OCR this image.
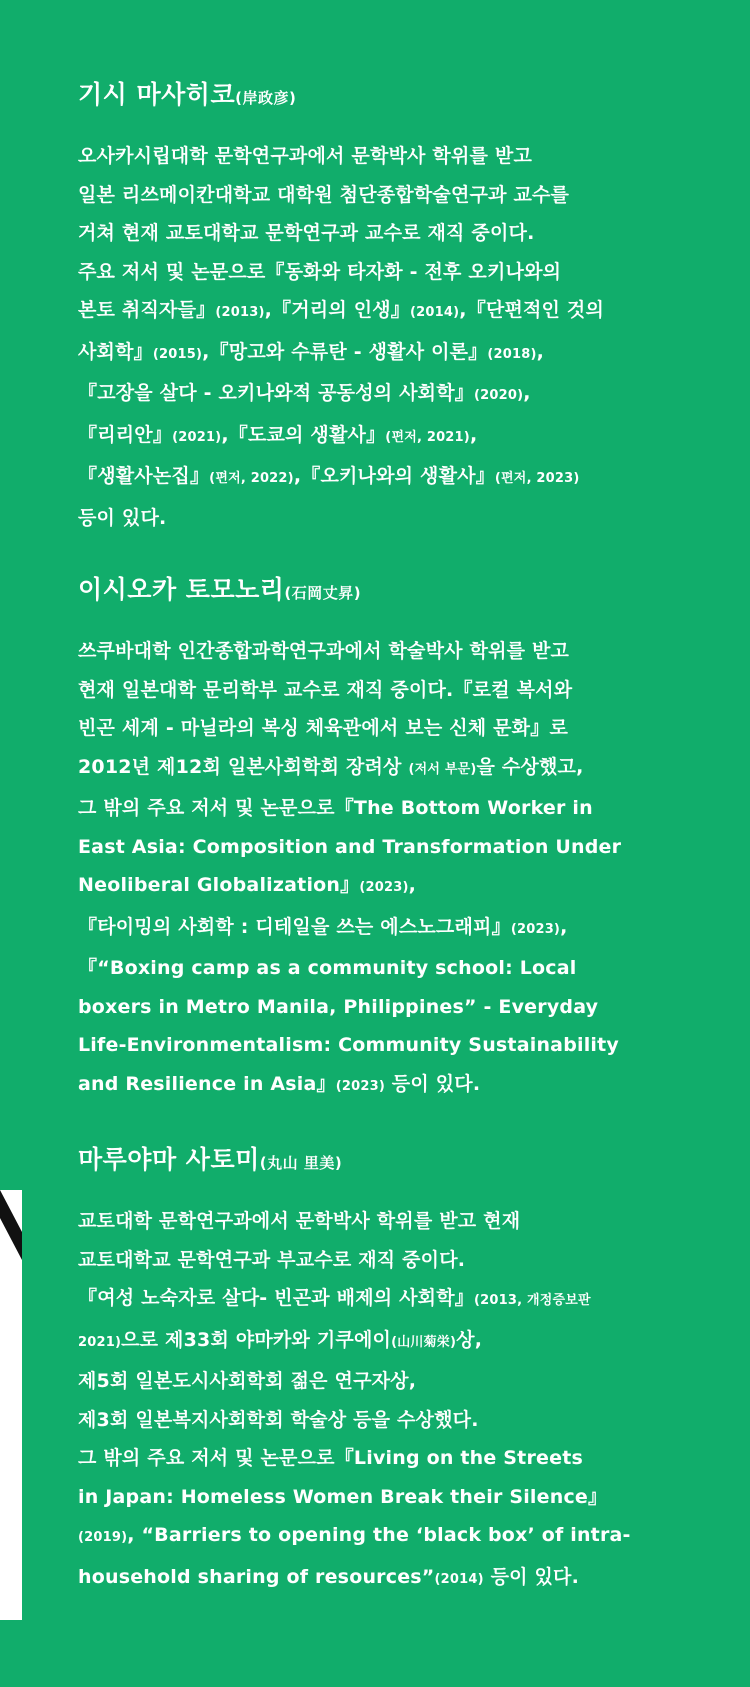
기시 마사히코(岸政彦)

오사카시립대학 문학연구과에서 문학박사 학위를 받고

일본 리쓰메이칸대학교 대학원 첨단종합학술연구과 교수를

거쳐 현재 교토대학교 문학연구과 교수로 재직 중이다.

주요 저서 및 논문으로『동화와 타자화 - 전후 오키나와의

본토 취직자들』(2013),『거리의 인생』(2014),『단편적인 것의

사회학』(2015),『망고와 수류탄 - 생활사 이론』(2018),

『고장을 살다 - 오키나와적 공동성의 사회학』(2020),

『리리안』(2021),『도쿄의 생활사』(편저, 2021),

『생활사논집』(편저, 2022),『오키나와의 생활사』(편저, 2023)

등이 있다.

이시오카 토모노리(石岡丈昇)

쓰쿠바대학 인간종합과학연구과에서 학술박사 학위를 받고

현재 일본대학 문리학부 교수로 재직 중이다.『로컬 복서와

빈곤 세계 - 마닐라의 복싱 체육관에서 보는 신체 문화』로

2012년 제12회 일본사회학회 장려상 (저서 부문)을 수상했고,

그 밖의 주요 저서 및 논문으로『The Bottom Worker in

East Asia: Composition and Transformation Under

Neoliberal Globalization』(2023),

『타이밍의 사회학 : 디테일을 쓰는 에스노그래피』(2023),

『“Boxing camp as a community school: Local

boxers in Metro Manila, Philippines” - Everyday

Life-Environmentalism: Community Sustainability

and Resilience in Asia』(2023) 등이 있다.

마루야마 사토미(丸山 里美)

교토대학 문학연구과에서 문학박사 학위를 받고 현재

교토대학교 문학연구과 부교수로 재직 중이다.

『여성 노숙자로 살다- 빈곤과 배제의 사회학』(2013, 개정증보판

2021)으로 제33회 야마카와 기쿠에이(山川菊栄)상,

제5회 일본도시사회학회 젊은 연구자상,

제3회 일본복지사회학회 학술상 등을 수상했다.

그 밖의 주요 저서 및 논문으로『Living on the Streets

in Japan: Homeless Women Break their Silence』

(2019), “Barriers to opening the ‘black box’ of intra-

household sharing of resources”(2014) 등이 있다.
